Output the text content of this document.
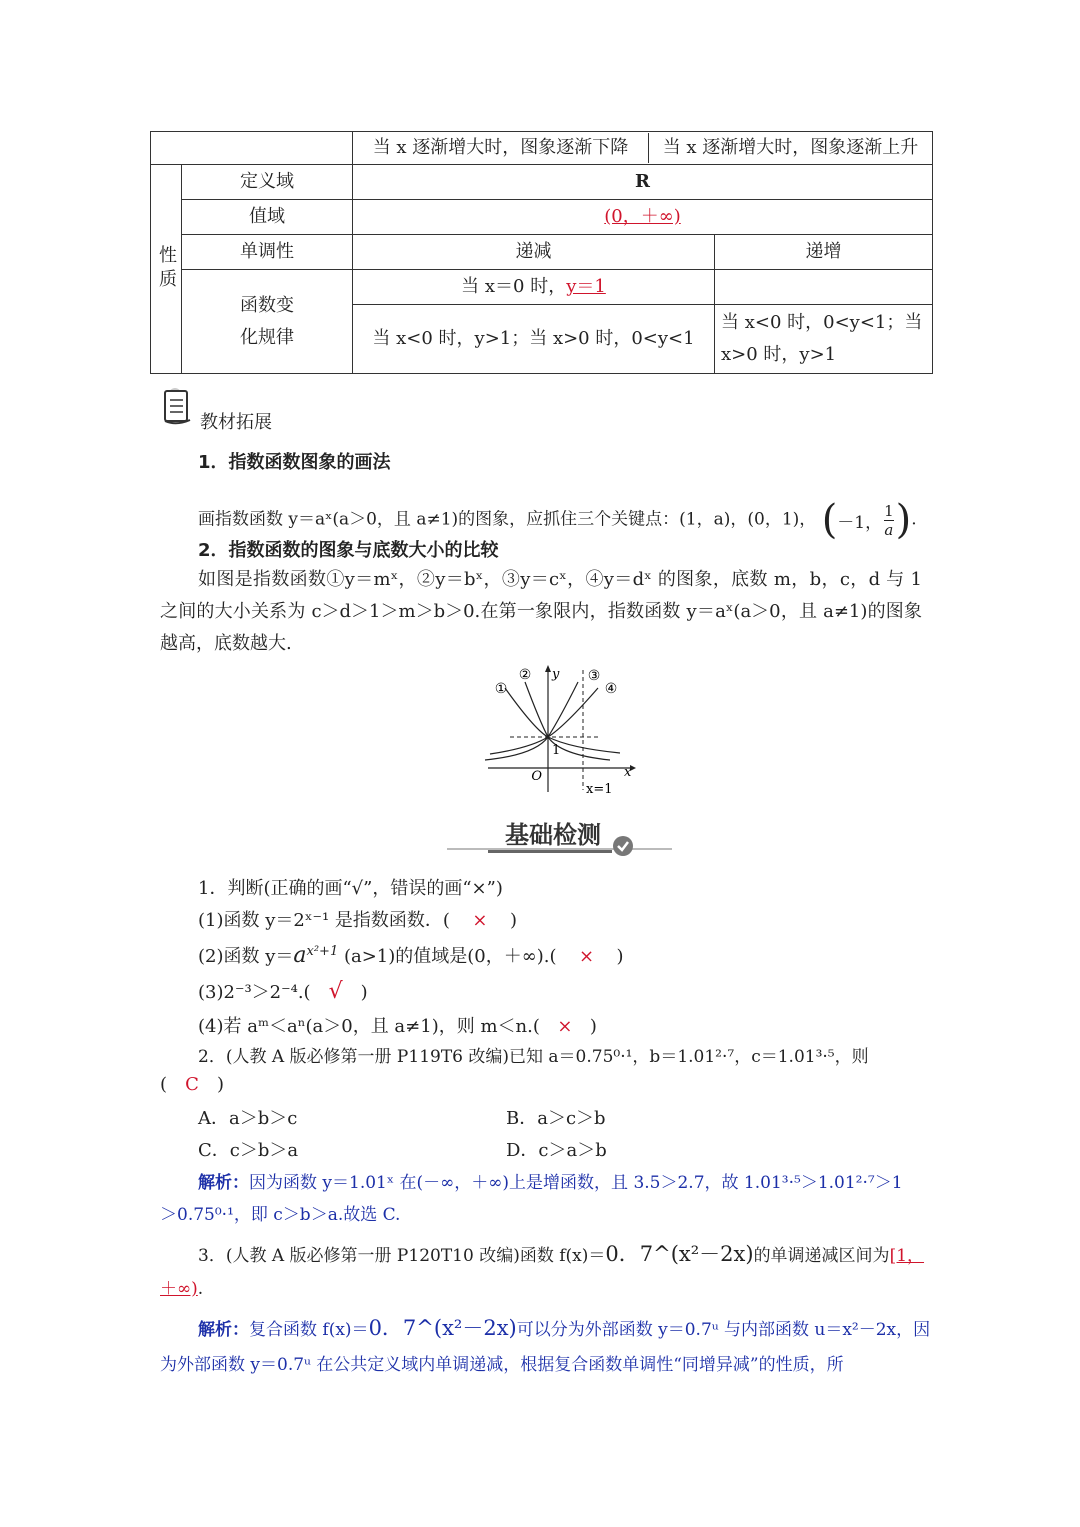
		当 x 逐渐增大时，图象逐渐下降 当 x 逐渐增大时，图象逐渐上升	

性质	定义域	R	
	值域	(0，＋∞)	
	单调性	递减	递增

	函数变化规律	当 x＝0 时，y＝1	
		当 x<0 时，y>1；当 x>0 时，0<y<1	当 x<0 时，0<y<1；当 x>0 时，y>1
教材拓展
1．指数函数图象的画法
画指数函数 y＝aˣ(a＞0，且 a≠1)的图象，应抓住三个关键点：(1，a)，(0，1)， ( －1，
1
a ) .
2．指数函数的图象与底数大小的比较
如图是指数函数①y＝mˣ，②y＝bˣ，③y＝cˣ，④y＝dˣ 的图象，底数 m，b，c，d 与 1 之间的大小关系为 c＞d＞1＞m＞b＞0.在第一象限内，指数函数 y＝aˣ(a＞0，且 a≠1)的图象越高，底数越大.
①
②	③
④
y
x
O
1
x=1
基础检测
1．判断(正确的画“√”，错误的画“×”)
(1)函数 y＝2ˣ⁻¹ 是指数函数．( × )
(2)函数 $y=a^{x^2+1}$ (a>1)的值域是(0，＋∞).( × )
(3)2⁻³＞2⁻⁴.( √ )
(4)若 aᵐ＜aⁿ(a＞0，且 a≠1)，则 m＜n.( × )
2．(人教 A 版必修第一册 P119T6 改编)已知 a＝0.75⁰·¹，b＝1.01²·⁷，c＝1.01³·⁵，则
( C )
A．a＞b＞c	B．a＞c＞b
C．c＞b＞a	D．c＞a＞b
解析：因为函数 y＝1.01ˣ 在(－∞，＋∞)上是增函数，且 3.5＞2.7，故 1.01³·⁵＞1.01²·⁷＞1
＞0.75⁰·¹，即 c＞b＞a.故选 C.
3．(人教 A 版必修第一册 P120T10 改编)函数 f(x)＝0．7^(x²－2x)的单调递减区间为[1，
＋∞).
解析：复合函数 f(x)＝0．7^(x²－2x)可以分为外部函数 y＝0.7ᵘ 与内部函数 u＝x²－2x，因
为外部函数 y＝0.7ᵘ 在公共定义域内单调递减，根据复合函数单调性“同增异减”的性质，所
